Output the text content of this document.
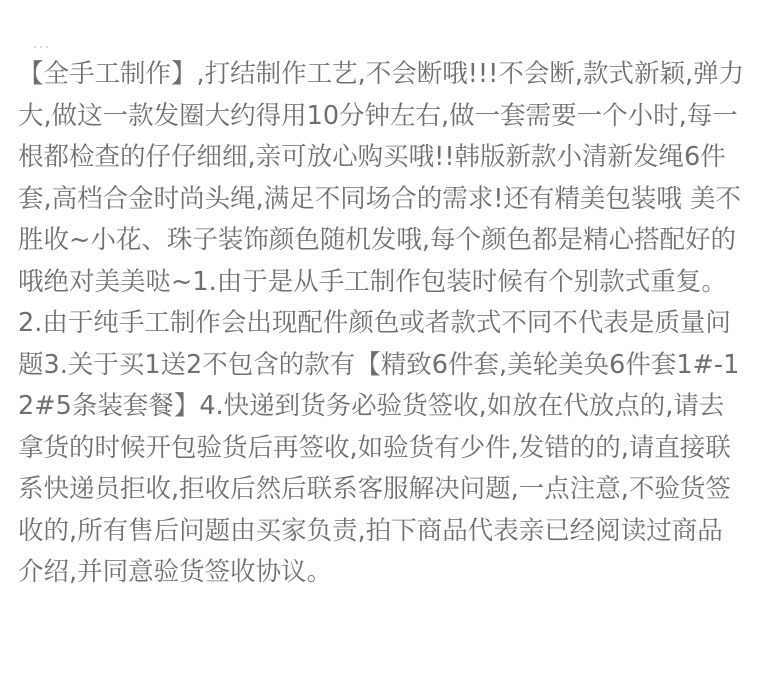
【全手工制作】,打结制作工艺,不会断哦!!!不会断,款式新颖,弹力大,做这一款发圈大约得用10分钟左右,做一套需要一个小时,每一根都检查的仔仔细细,亲可放心购买哦!!韩版新款小清新发绳6件套,高档合金时尚头绳,满足不同场合的需求!还有精美包装哦 美不胜收~小花、珠子装饰颜色随机发哦,每个颜色都是精心搭配好的哦绝对美美哒~1.由于是从手工制作包装时候有个别款式重复。2.由于纯手工制作会出现配件颜色或者款式不同不代表是质量问题3.关于买1送2不包含的款有【精致6件套,美轮美奂6件套1#-12#5条装套餐】4.快递到货务必验货签收,如放在代放点的,请去拿货的时候开包验货后再签收,如验货有少件,发错的的,请直接联系快递员拒收,拒收后然后联系客服解决问题,一点注意,不验货签收的,所有售后问题由买家负责,拍下商品代表亲已经阅读过商品介绍,并同意验货签收协议。
